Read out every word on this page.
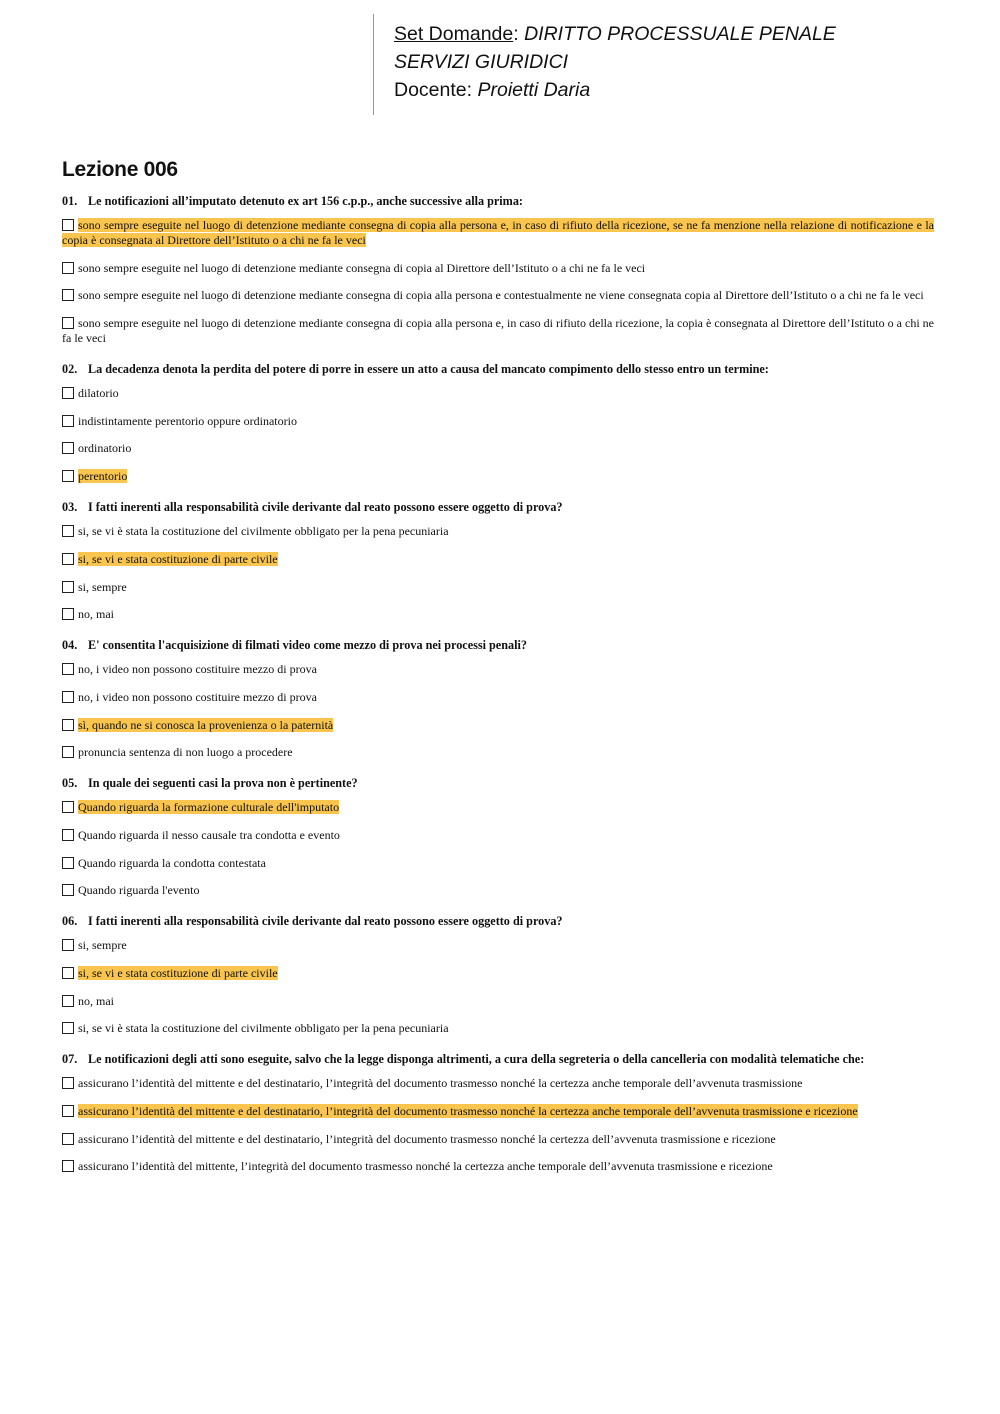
Set Domande: DIRITTO PROCESSUALE PENALE
SERVIZI GIURIDICI
Docente: Proietti Daria
Lezione 006
01. Le notificazioni all’imputato detenuto ex art 156 c.p.p., anche successive alla prima:
sono sempre eseguite nel luogo di detenzione mediante consegna di copia alla persona e, in caso di rifiuto della ricezione, se ne fa menzione nella relazione di notificazione e la copia è consegnata al Direttore dell’Istituto o a chi ne fa le veci
sono sempre eseguite nel luogo di detenzione mediante consegna di copia al Direttore dell’Istituto o a chi ne fa le veci
sono sempre eseguite nel luogo di detenzione mediante consegna di copia alla persona e contestualmente ne viene consegnata copia al Direttore dell’Istituto o a chi ne fa le veci
sono sempre eseguite nel luogo di detenzione mediante consegna di copia alla persona e, in caso di rifiuto della ricezione, la copia è consegnata al Direttore dell’Istituto o a chi ne fa le veci
02. La decadenza denota la perdita del potere di porre in essere un atto a causa del mancato compimento dello stesso entro un termine:
dilatorio
indistintamente perentorio oppure ordinatorio
ordinatorio
perentorio
03. I fatti inerenti alla responsabilità civile derivante dal reato possono essere oggetto di prova?
si, se vi è stata la costituzione del civilmente obbligato per la pena pecuniaria
si, se vi e stata costituzione di parte civile
si, sempre
no, mai
04. E' consentita l'acquisizione di filmati video come mezzo di prova nei processi penali?
no, i video non possono costituire mezzo di prova
no, i video non possono costituire mezzo di prova
sì, quando ne si conosca la provenienza o la paternità
pronuncia sentenza di non luogo a procedere
05. In quale dei seguenti casi la prova non è pertinente?
Quando riguarda la formazione culturale dell'imputato
Quando riguarda il nesso causale tra condotta e evento
Quando riguarda la condotta contestata
Quando riguarda l'evento
06. I fatti inerenti alla responsabilità civile derivante dal reato possono essere oggetto di prova?
si, sempre
si, se vi e stata costituzione di parte civile
no, mai
si, se vi è stata la costituzione del civilmente obbligato per la pena pecuniaria
07. Le notificazioni degli atti sono eseguite, salvo che la legge disponga altrimenti, a cura della segreteria o della cancelleria con modalità telematiche che:
assicurano l’identità del mittente e del destinatario, l’integrità del documento trasmesso nonché la certezza anche temporale dell’avvenuta trasmissione
assicurano l’identità del mittente e del destinatario, l’integrità del documento trasmesso nonché la certezza anche temporale dell’avvenuta trasmissione e ricezione
assicurano l’identità del mittente e del destinatario, l’integrità del documento trasmesso nonché la certezza dell’avvenuta trasmissione e ricezione
assicurano l’identità del mittente, l’integrità del documento trasmesso nonché la certezza anche temporale dell’avvenuta trasmissione e ricezione
